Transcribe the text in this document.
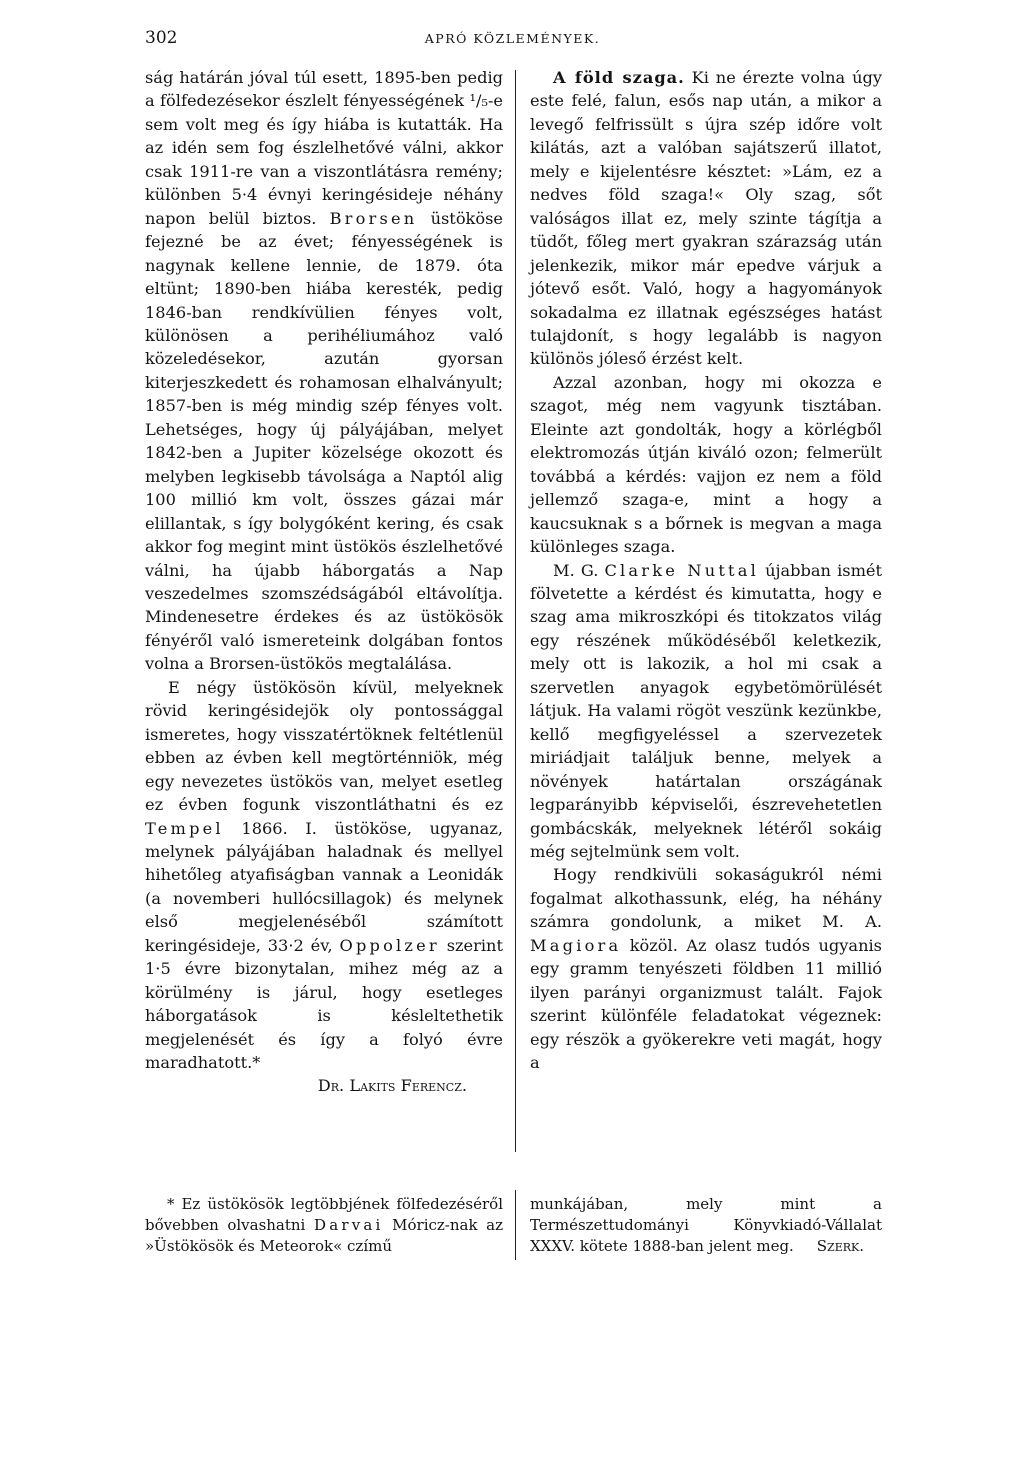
302	APRÓ KÖZLEMÉNYEK.

ság határán jóval túl esett, 1895-ben pedig a fölfedezésekor észlelt fényességének ¹/₅-e sem volt meg és így hiába is kutatták. Ha az idén sem fog észlelhetővé válni, akkor csak 1911-re van a viszontlátásra remény; különben 5·4 évnyi keringésideje néhány napon belül biztos. Brorsen üstököse fejezné be az évet; fényességének is nagynak kellene lennie, de 1879. óta eltünt; 1890-ben hiába keresték, pedig 1846-ban rendkívülien fényes volt, különösen a perihéliumához való közeledésekor, azután gyorsan kiterjeszkedett és rohamosan elhalványult; 1857-ben is még mindig szép fényes volt. Lehetséges, hogy új pályájában, melyet 1842-ben a Jupiter közelsége okozott és melyben legkisebb távolsága a Naptól alig 100 millió km volt, összes gázai már elillantak, s így bolygóként kering, és csak akkor fog megint mint üstökös észlelhetővé válni, ha újabb háborgatás a Nap veszedelmes szomszédságából eltávolítja. Mindenesetre érdekes és az üstökösök fényéről való ismereteink dolgában fontos volna a Brorsen-üstökös megtalálása.

E négy üstökösön kívül, melyeknek rövid keringésidejök oly pontossággal ismeretes, hogy visszatértöknek feltétlenül ebben az évben kell megtörténniök, még egy nevezetes üstökös van, melyet esetleg ez évben fogunk viszontláthatni és ez Tempel 1866. I. üstököse, ugyanaz, melynek pályájában haladnak és mellyel hihetőleg atyafiságban vannak a Leonidák (a novemberi hullócsillagok) és melynek első megjelenéséből számított keringésideje, 33·2 év, Oppolzer szerint 1·5 évre bizonytalan, mihez még az a körülmény is járul, hogy esetleges háborgatások is késleltethetik megjelenését és így a folyó évre maradhatott.*

Dr. Lakits Ferencz.

A föld szaga. Ki ne érezte volna úgy este felé, falun, esős nap után, a mikor a levegő felfrissült s újra szép időre volt kilátás, azt a valóban sajátszerű illatot, mely e kijelentésre késztet: »Lám, ez a nedves föld szaga!« Oly szag, sőt valóságos illat ez, mely szinte tágítja a tüdőt, főleg mert gyakran szárazság után jelenkezik, mikor már epedve várjuk a jótevő esőt. Való, hogy a hagyományok sokadalma ez illatnak egészséges hatást tulajdonít, s hogy legalább is nagyon különös jóleső érzést kelt.

Azzal azonban, hogy mi okozza e szagot, még nem vagyunk tisztában. Eleinte azt gondolták, hogy a körlégből elektromozás útján kiváló ozon; felmerült továbbá a kérdés: vajjon ez nem a föld jellemző szaga-e, mint a hogy a kaucsuknak s a bőrnek is megvan a maga különleges szaga.

M. G. Clarke Nuttal újabban ismét fölvetette a kérdést és kimutatta, hogy e szag ama mikroszkópi és titokzatos világ egy részének működéséből keletkezik, mely ott is lakozik, a hol mi csak a szervetlen anyagok egybetömörülését látjuk. Ha valami rögöt veszünk kezünkbe, kellő megfigyeléssel a szervezetek miriádjait találjuk benne, melyek a növények határtalan országának legparányibb képviselői, észrevehetetlen gombácskák, melyeknek létéről sokáig még sejtelmünk sem volt.

Hogy rendkivüli sokaságukról némi fogalmat alkothassunk, elég, ha néhány számra gondolunk, a miket M. A. Magiora közöl. Az olasz tudós ugyanis egy gramm tenyészeti földben 11 millió ilyen parányi organizmust talált. Fajok szerint különféle feladatokat végeznek: egy részök a gyökerekre veti magát, hogy a

* Ez üstökösök legtöbbjének fölfedezéséről bővebben olvashatni Darvai Móricz-nak az »Üstökösök és Meteorok« czímű

munkájában, mely mint a Természettudományi Könyvkiadó-Vállalat XXXV. kötete 1888-ban jelent meg. Szerk.
